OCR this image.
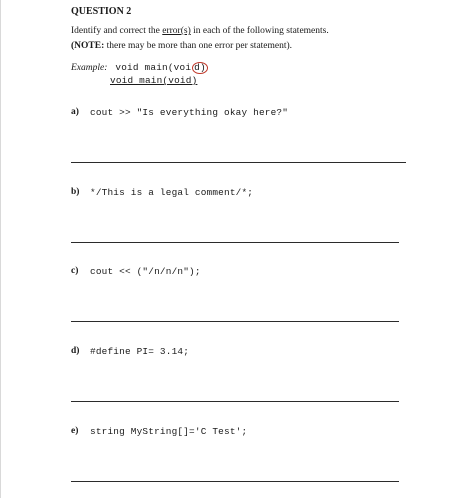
QUESTION 2
Identify and correct the error(s) in each of the following statements.
(NOTE: there may be more than one error per statement).
Example: void main(voi d)
void main(void)
a) cout >> "Is everything okay here?"
b) */This is a legal comment/*;
c) cout << ("/n/n/n");
d) #define PI= 3.14;
e) string MyString[]='C Test';
